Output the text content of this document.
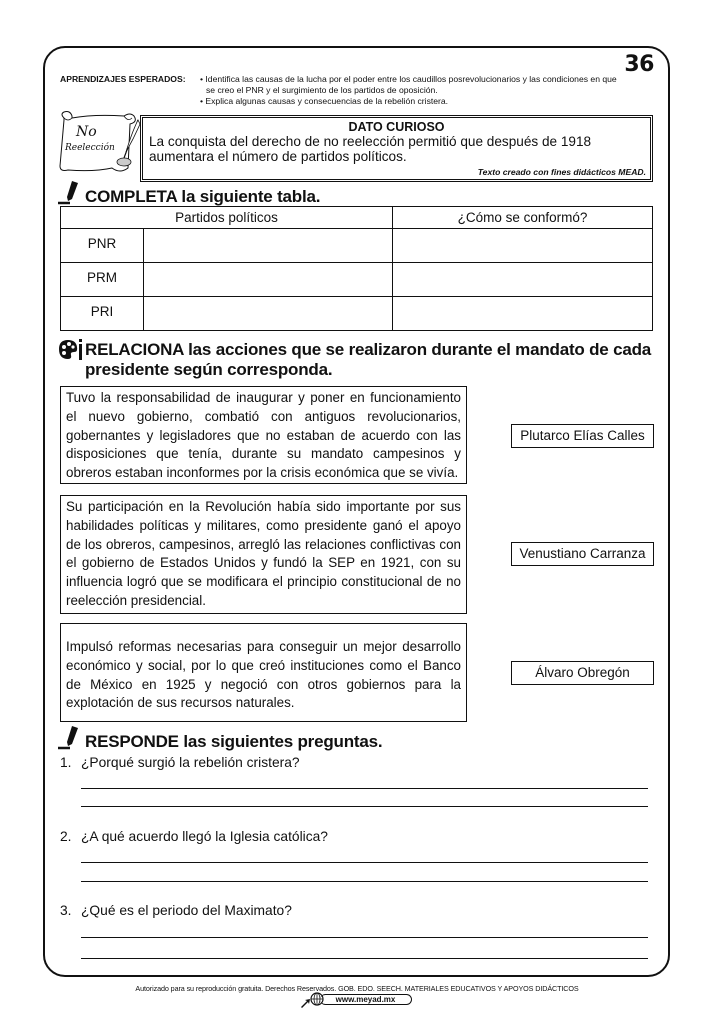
36
APRENDIZAJES ESPERADOS: • Identifica las causas de la lucha por el poder entre los caudillos posrevolucionarios y las condiciones en que
se creo el PNR y el surgimiento de los partidos de oposición.
• Explica algunas causas y consecuencias de la rebelión cristera.
No
Reelección
DATO CURIOSO
La conquista del derecho de no reelección permitió que después de 1918 aumentara el número de partidos políticos.
Texto creado con fines didácticos MEAD.
COMPLETA la siguiente tabla.
Partidos políticos		¿Cómo se conformó?
PNR		
PRM		
PRI		
RELACIONA las acciones que se realizaron durante el mandato de cada presidente según corresponda.
Tuvo la responsabilidad de inaugurar y poner en funcionamiento el nuevo gobierno, combatió con antiguos revolucionarios, gobernantes y legisladores que no estaban de acuerdo con las disposiciones que tenía, durante su mandato campesinos y obreros estaban inconformes por la crisis económica que se vivía.
Su participación en la Revolución había sido importante por sus habilidades políticas y militares, como presidente ganó el apoyo de los obreros, campesinos, arregló las relaciones conflictivas con el gobierno de Estados Unidos y fundó la SEP en 1921, con su influencia logró que se modificara el principio constitucional de no reelección presidencial.
Impulsó reformas necesarias para conseguir un mejor desarrollo económico y social, por lo que creó instituciones como el Banco de México en 1925 y negoció con otros gobiernos para la explotación de sus recursos naturales.
Plutarco Elías Calles
Venustiano Carranza
Álvaro Obregón
RESPONDE las siguientes preguntas.
1. ¿Porqué surgió la rebelión cristera?
2. ¿A qué acuerdo llegó la Iglesia católica?
3. ¿Qué es el periodo del Maximato?
Autorizado para su reproducción gratuita. Derechos Reservados. GOB. EDO. SEECH. MATERIALES EDUCATIVOS Y APOYOS DIDÁCTICOS
www.meyad.mx
